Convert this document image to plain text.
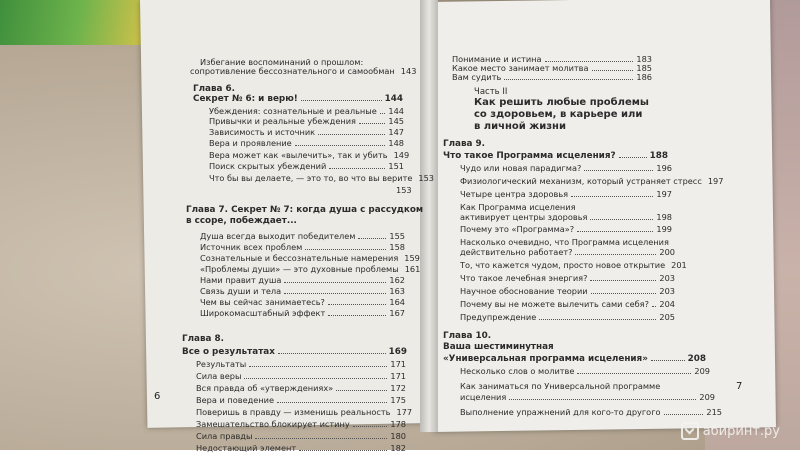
Избегание воспоминаний о прошлом:
сопротивление бессознательного и самообман 143
Глава 6.
Секрет № 6: и верю!	144
Убеждения: сознательные и реальные 144
Привычки и реальные убеждения	145
Зависимость и источник	147
Вера и проявление	148
Вера может как «вылечить», так и убить 149
Поиск скрытых убеждений	151
Что бы вы делаете, — это то, во что вы верите 153
153
Глава 7. Секрет № 7: когда душа с рассудком
в ссоре, побеждает...
Душа всегда выходит победителем	155
Источник всех проблем	158
Сознательные и бессознательные намерения 159
«Проблемы души» — это духовные проблемы 161
Нами правит душа	162
Связь души и тела	163
Чем вы сейчас занимаетесь?	164
Широкомасштабный эффект	167
Глава 8.
Все о результатах	169
Результаты	171
Сила веры	171
Вся правда об «утверждениях»	172
Вера и поведение	175
Поверишь в правду — изменишь реальность 177
Замешательство блокирует истину	178
Сила правды	180
Недостающий элемент	182
Понимание и истина	183
Какое место занимает молитва	185
Вам судить	186
Глава 9.
Что такое Программа исцеления?	188
Чудо или новая парадигма?	196
Физиологический механизм, который устраняет стресс 197
Четыре центра здоровья	197
Как Программа исцеления
активирует центры здоровья	198
Почему это «Программа»?	199
Насколько очевидно, что Программа исцеления
действительно работает?	200
То, что кажется чудом, просто новое открытие 201
Что такое лечебная энергия?	203
Научное обоснование теории	203
Почему вы не можете вылечить сами себя? 204
Предупреждение	205
Глава 10.
Ваша шестиминутная
«Универсальная программа исцеления»	208
Несколько слов о молитве	209
Как заниматься по Универсальной программе
исцеления	209
Выполнение упражнений для кого-то другого	215
Часть II
Как решить любые проблемы
со здоровьем, в карьере или
в личной жизни
6
7
абиринт.ру
